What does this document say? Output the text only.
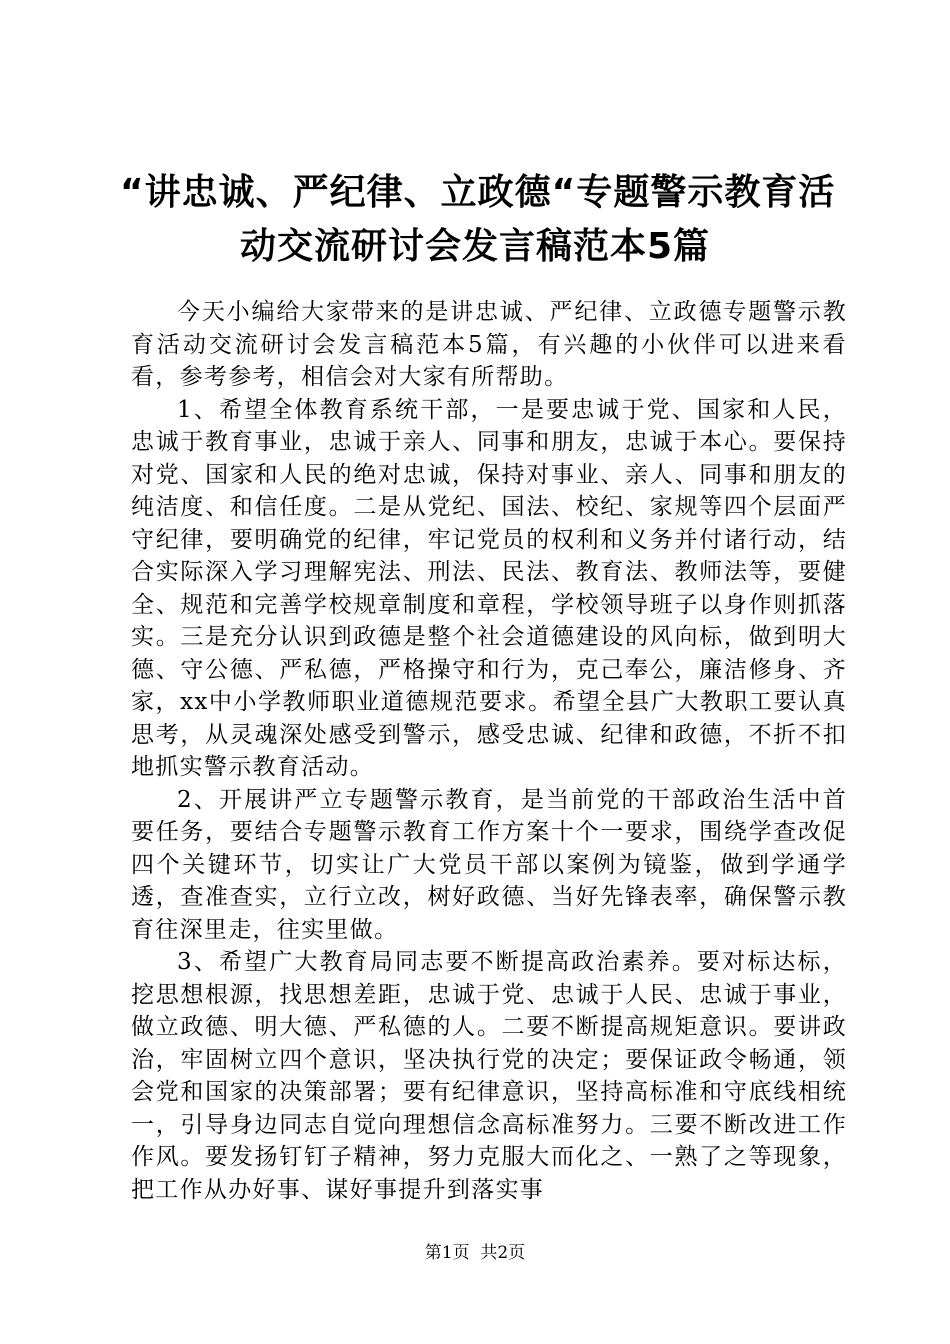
“讲忠诚、严纪律、立政德“专题警示教育活
动交流研讨会发言稿范本5篇

今天小编给大家带来的是讲忠诚、严纪律、立政德专题警示教育活动交流研讨会发言稿范本5篇，有兴趣的小伙伴可以进来看看，参考参考，相信会对大家有所帮助。

1、希望全体教育系统干部，一是要忠诚于党、国家和人民，忠诚于教育事业，忠诚于亲人、同事和朋友，忠诚于本心。要保持对党、国家和人民的绝对忠诚，保持对事业、亲人、同事和朋友的纯洁度、和信任度。二是从党纪、国法、校纪、家规等四个层面严守纪律，要明确党的纪律，牢记党员的权利和义务并付诸行动，结合实际深入学习理解宪法、刑法、民法、教育法、教师法等，要健全、规范和完善学校规章制度和章程，学校领导班子以身作则抓落实。三是充分认识到政德是整个社会道德建设的风向标，做到明大德、守公德、严私德，严格操守和行为，克己奉公，廉洁修身、齐家，xx中小学教师职业道德规范要求。希望全县广大教职工要认真思考，从灵魂深处感受到警示，感受忠诚、纪律和政德，不折不扣地抓实警示教育活动。

2、开展讲严立专题警示教育，是当前党的干部政治生活中首要任务，要结合专题警示教育工作方案十个一要求，围绕学查改促四个关键环节，切实让广大党员干部以案例为镜鉴，做到学通学透，查准查实，立行立改，树好政德、当好先锋表率，确保警示教育往深里走，往实里做。

3、希望广大教育局同志要不断提高政治素养。要对标达标，挖思想根源，找思想差距，忠诚于党、忠诚于人民、忠诚于事业，做立政德、明大德、严私德的人。二要不断提高规矩意识。要讲政治，牢固树立四个意识，坚决执行党的决定；要保证政令畅通，领会党和国家的决策部署；要有纪律意识，坚持高标准和守底线相统一，引导身边同志自觉向理想信念高标准努力。三要不断改进工作作风。要发扬钉钉子精神，努力克服大而化之、一熟了之等现象，把工作从办好事、谋好事提升到落实事

第1页  共2页
